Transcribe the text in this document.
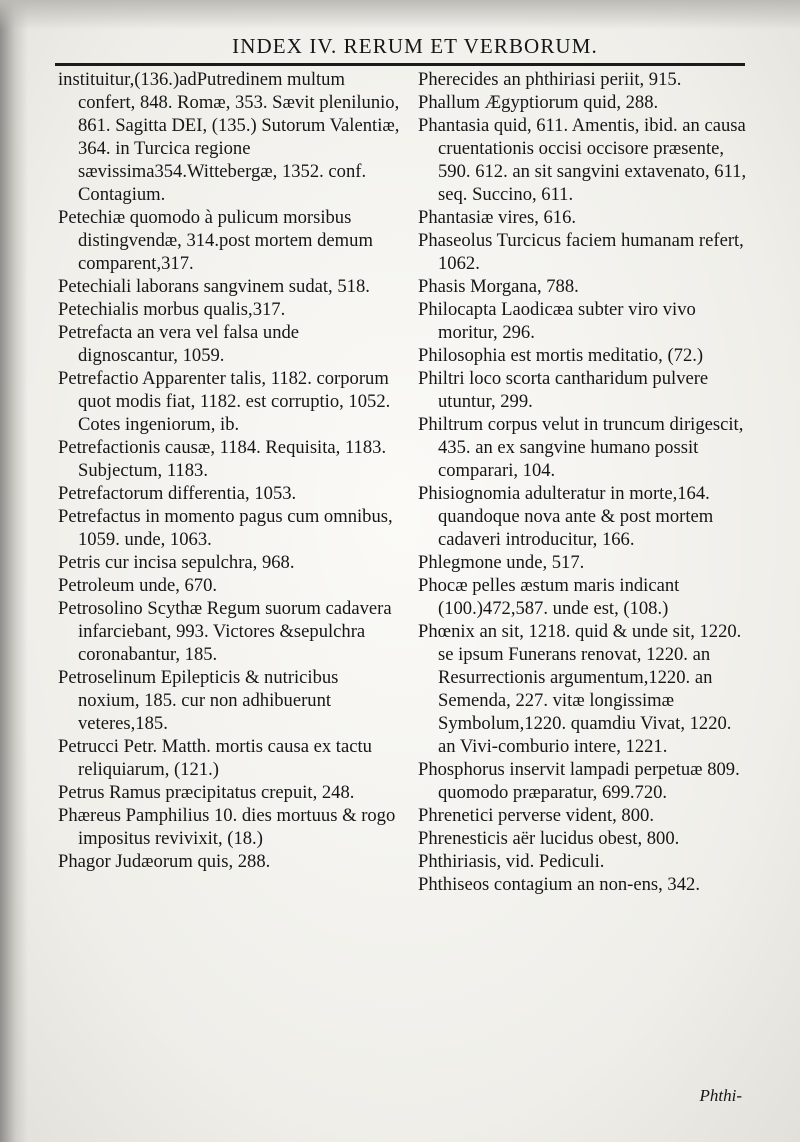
INDEX IV. RERUM ET VERBORUM.

instituitur,(136.)adPutredinem multum confert, 848. Romæ, 353. Sævit plenilunio, 861. Sagitta DEI, (135.) Sutorum Valentiæ, 364. in Turcica regione sævissima354.Wittebergæ, 1352. conf. Contagium.

Petechiæ quomodo à pulicum morsibus distingvendæ, 314.post mortem demum comparent,317.

Petechiali laborans sangvinem sudat, 518.

Petechialis morbus qualis,317.

Petrefacta an vera vel falsa unde dignoscantur, 1059.

Petrefactio Apparenter talis, 1182. corporum quot modis fiat, 1182. est corruptio, 1052. Cotes ingeniorum, ib.

Petrefactionis causæ, 1184. Requisita, 1183. Subjectum, 1183.

Petrefactorum differentia, 1053.

Petrefactus in momento pagus cum omnibus, 1059. unde, 1063.

Petris cur incisa sepulchra, 968.

Petroleum unde, 670.

Petrosolino Scythæ Regum suorum cadavera infarciebant, 993. Victores &sepulchra coronabantur, 185.

Petroselinum Epilepticis & nutricibus noxium, 185. cur non adhibuerunt veteres,185.

Petrucci Petr. Matth. mortis causa ex tactu reliquiarum, (121.)

Petrus Ramus præcipitatus crepuit, 248.

Phæreus Pamphilius 10. dies mortuus & rogo impositus revivixit, (18.)

Phagor Judæorum quis, 288.

Pherecides an phthiriasi periit, 915.

Phallum Ægyptiorum quid, 288.

Phantasia quid, 611. Amentis, ibid. an causa cruentationis occisi occisore præsente, 590. 612. an sit sangvini extavenato, 611, seq. Succino, 611.

Phantasiæ vires, 616.

Phaseolus Turcicus faciem humanam refert, 1062.

Phasis Morgana, 788.

Philocapta Laodicæa subter viro vivo moritur, 296.

Philosophia est mortis meditatio, (72.)

Philtri loco scorta cantharidum pulvere utuntur, 299.

Philtrum corpus velut in truncum dirigescit, 435. an ex sangvine humano possit comparari, 104.

Phisiognomia adulteratur in morte,164. quandoque nova ante & post mortem cadaveri introducitur, 166.

Phlegmone unde, 517.

Phocæ pelles æstum maris indicant (100.)472,587. unde est, (108.)

Phœnix an sit, 1218. quid & unde sit, 1220. se ipsum Funerans renovat, 1220. an Resurrectionis argumentum,1220. an Semenda, 227. vitæ longissimæ Symbolum,1220. quamdiu Vivat, 1220. an Vivi-comburio intere, 1221.

Phosphorus inservit lampadi perpetuæ 809. quomodo præparatur, 699.720.

Phrenetici perverse vident, 800.

Phrenesticis aër lucidus obest, 800.

Phthiriasis, vid. Pediculi.

Phthiseos contagium an non-ens, 342.

Phthi-
